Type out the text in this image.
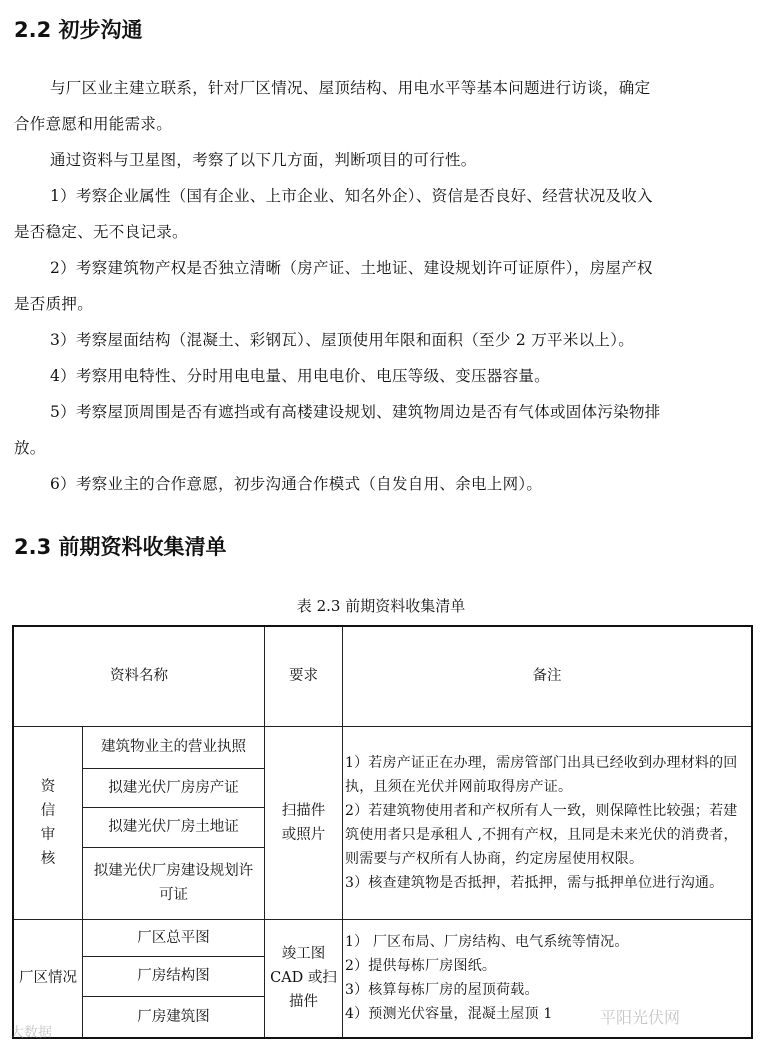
2.2 初步沟通
与厂区业主建立联系，针对厂区情况、屋顶结构、用电水平等基本问题进行访谈，确定
合作意愿和用能需求。
通过资料与卫星图，考察了以下几方面，判断项目的可行性。
1）考察企业属性（国有企业、上市企业、知名外企）、资信是否良好、经营状况及收入
是否稳定、无不良记录。
2）考察建筑物产权是否独立清晰（房产证、土地证、建设规划许可证原件），房屋产权
是否质押。
3）考察屋面结构（混凝土、彩钢瓦）、屋顶使用年限和面积（至少 2 万平米以上）。
4）考察用电特性、分时用电电量、用电电价、电压等级、变压器容量。
5）考察屋顶周围是否有遮挡或有高楼建设规划、建筑物周边是否有气体或固体污染物排
放。
6）考察业主的合作意愿，初步沟通合作模式（自发自用、余电上网）。
2.3 前期资料收集清单
表 2.3 前期资料收集清单
资料名称		要求	备注
资信审核	建筑物业主的营业执照	扫描件或照片	1）若房产证正在办理，需房管部门出具已经收到办理材料的回执，且须在光伏并网前取得房产证。
2）若建筑物使用者和产权所有人一致，则保障性比较强；若建筑使用者只是承租人 ,不拥有产权，且同是未来光伏的消费者，则需要与产权所有人协商，约定房屋使用权限。
3）核查建筑物是否抵押，若抵押，需与抵押单位进行沟通。

	拟建光伏厂房房产证		
	拟建光伏厂房土地证		
	拟建光伏厂房建设规划许可证		
厂区情况	厂区总平图	竣工图CAD 或扫描件	1） 厂区布局、厂房结构、电气系统等情况。
2）提供每栋厂房图纸。
3）核算每栋厂房的屋顶荷载。
4）预测光伏容量，混凝土屋顶 1

	厂房结构图		
	厂房建筑图			平阳光伏网
大数据
